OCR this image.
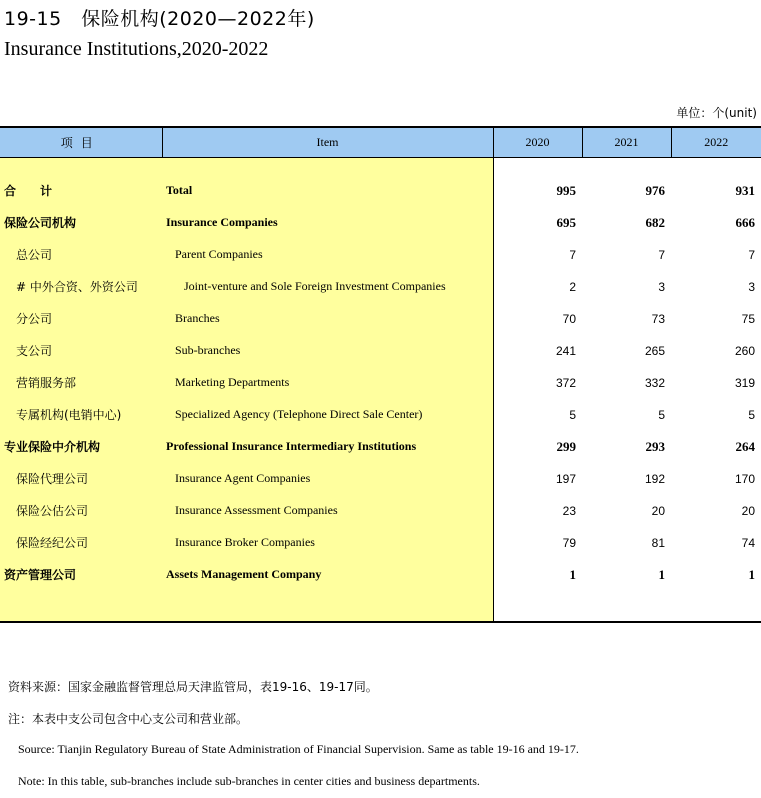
19-15　保险机构(2020—2022年)
Insurance Institutions,2020-2022
单位：个(unit)
项目	Item	2020	2021	2022

合　　计	Total	995	976	931
保险公司机构	Insurance Companies	695	682	666
总公司	Parent Companies	7	7	7
# 中外合资、外资公司	Joint-venture and Sole Foreign Investment Companies	2	3	3
分公司	Branches	70	73	75
支公司	Sub-branches	241	265	260
营销服务部	Marketing Departments	372	332	319
专属机构(电销中心)	Specialized Agency (Telephone Direct Sale Center)	5	5	5
专业保险中介机构	Professional Insurance Intermediary Institutions	299	293	264
保险代理公司	Insurance Agent Companies	197	192	170
保险公估公司	Insurance Assessment Companies	23	20	20
保险经纪公司	Insurance Broker Companies	79	81	74
资产管理公司	Assets Management Company	1	1	1

资料来源：国家金融监督管理总局天津监管局，表19-16、19-17同。
注：本表中支公司包含中心支公司和营业部。
Source: Tianjin Regulatory Bureau of State Administration of Financial Supervision. Same as table 19-16 and 19-17.
Note: In this table, sub-branches include sub-branches in center cities and business departments.
